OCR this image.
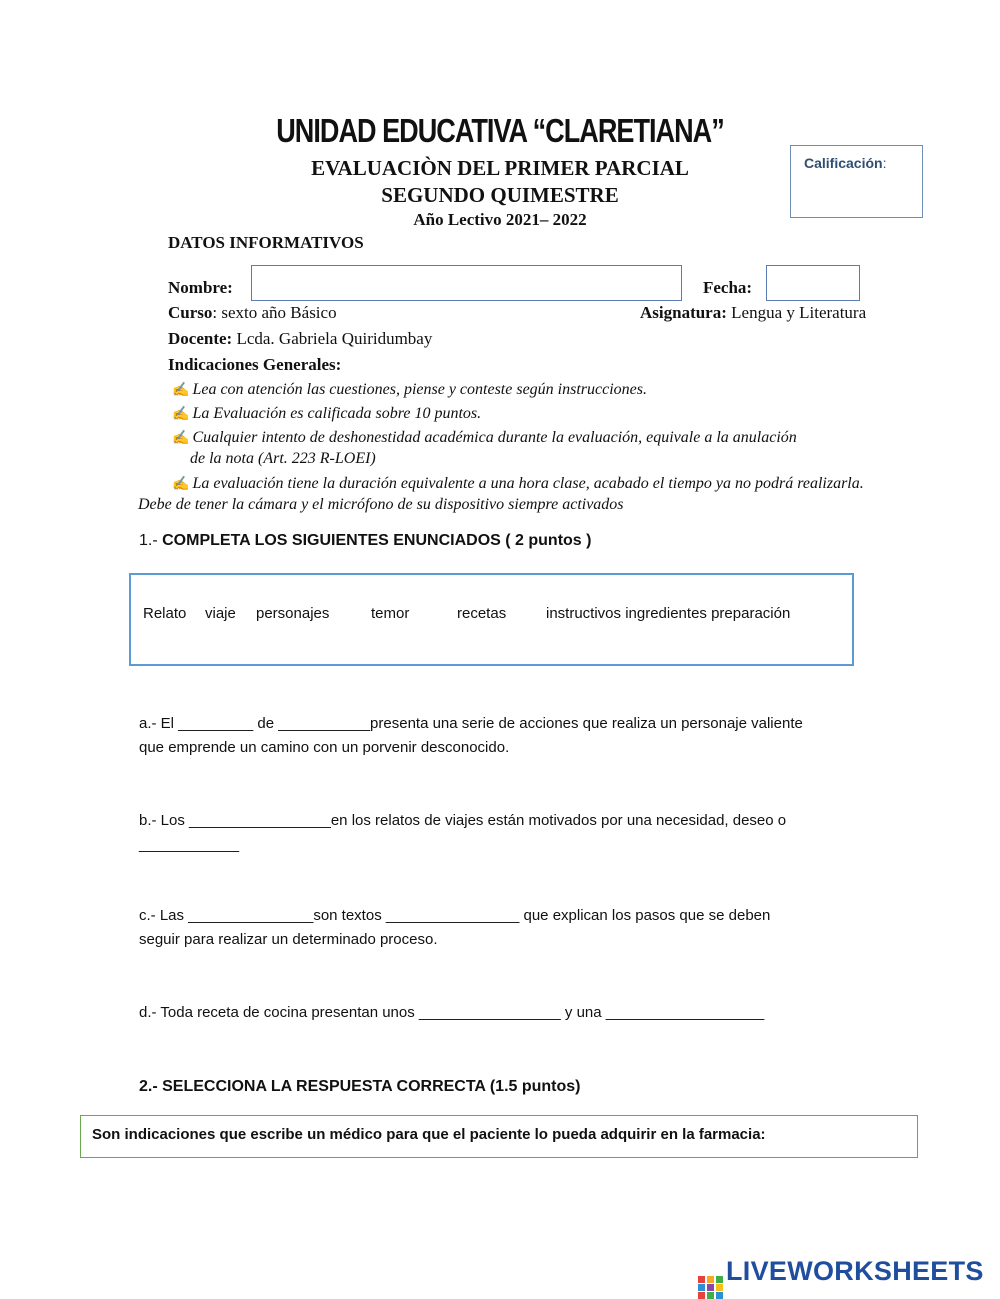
UNIDAD EDUCATIVA “CLARETIANA”
EVALUACIÒN DEL PRIMER PARCIAL
SEGUNDO QUIMESTRE
Año Lectivo 2021– 2022
Calificación:
DATOS INFORMATIVOS
Nombre:	Fecha:
Curso: sexto año Básico	Asignatura: Lengua y Literatura
Docente: Lcda. Gabriela Quiridumbay
Indicaciones Generales:
✍ Lea con atención las cuestiones, piense y conteste según instrucciones.
✍ La Evaluación es calificada sobre 10 puntos.
✍ Cualquier intento de deshonestidad académica durante la evaluación, equivale a la anulación
de la nota (Art. 223 R-LOEI)
✍ La evaluación tiene la duración equivalente a una hora clase, acabado el tiempo ya no podrá realizarla.
Debe de tener la cámara y el micrófono de su dispositivo siempre activados
1.- COMPLETA LOS SIGUIENTES ENUNCIADOS ( 2 puntos )
Relato viaje personajes	temor	recetas	instructivos ingredientes preparación
a.- El _________ de ___________presenta una serie de acciones que realiza un personaje valiente
que emprende un camino con un porvenir desconocido.
b.- Los _________________en los relatos de viajes están motivados por una necesidad, deseo o
____________
c.- Las _______________son textos ________________ que explican los pasos que se deben
seguir para realizar un determinado proceso.
d.- Toda receta de cocina presentan unos _________________ y una ___________________
2.- SELECCIONA LA RESPUESTA CORRECTA (1.5 puntos)
Son indicaciones que escribe un médico para que el paciente lo pueda adquirir en la farmacia:
LIVEWORKSHEETS
